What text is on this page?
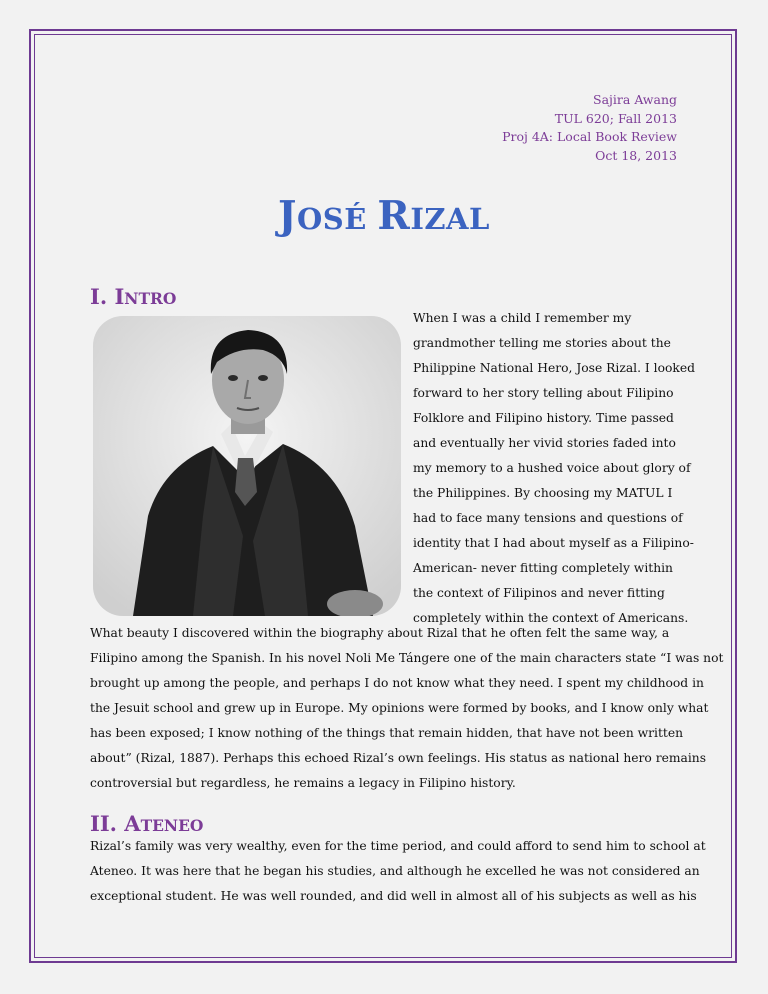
Sajira Awang
TUL 620; Fall 2013
Proj 4A: Local Book Review
Oct 18, 2013
JOSÉ RIZAL
I. INTRO
When I was a child I remember my
grandmother telling me stories about the
Philippine National Hero, Jose Rizal. I looked
forward to her story telling about Filipino
Folklore and Filipino history. Time passed
and eventually her vivid stories faded into
my memory to a hushed voice about glory of
the Philippines. By choosing my MATUL I
had to face many tensions and questions of
identity that I had about myself as a Filipino-
American- never fitting completely within
the context of Filipinos and never fitting
completely within the context of Americans.
What beauty I discovered within the biography about Rizal that he often felt the same way, a
Filipino among the Spanish. In his novel Noli Me Tángere one of the main characters state “I was not
brought up among the people, and perhaps I do not know what they need. I spent my childhood in
the Jesuit school and grew up in Europe. My opinions were formed by books, and I know only what
has been exposed; I know nothing of the things that remain hidden, that have not been written
about” (Rizal, 1887). Perhaps this echoed Rizal’s own feelings. His status as national hero remains
controversial but regardless, he remains a legacy in Filipino history.
II. ATENEO
Rizal’s family was very wealthy, even for the time period, and could afford to send him to school at
Ateneo. It was here that he began his studies, and although he excelled he was not considered an
exceptional student. He was well rounded, and did well in almost all of his subjects as well as his
